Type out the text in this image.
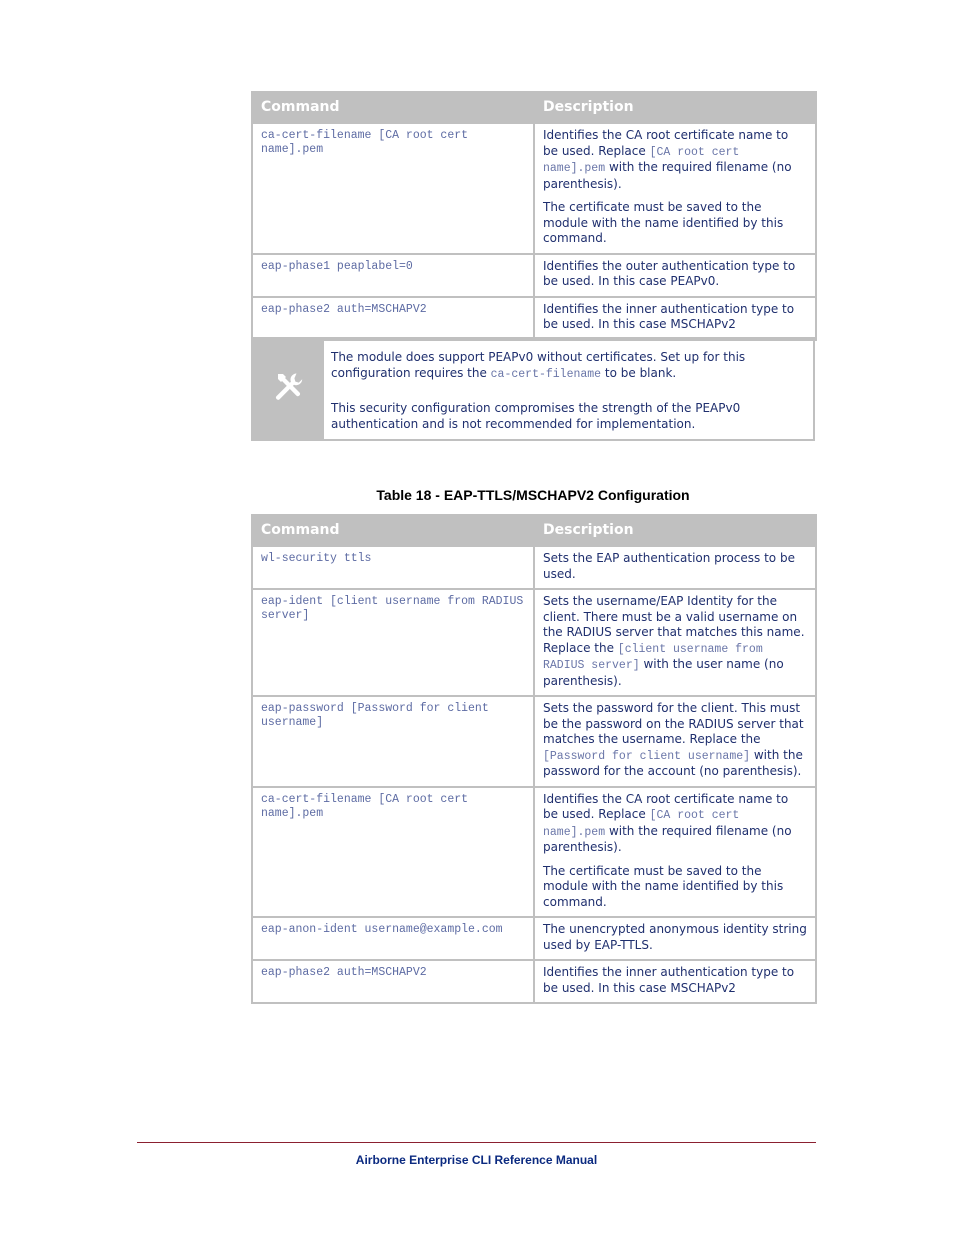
Command	Description
ca-cert-filename [CA root cert name].pem	Identifies the CA root certificate name to be used. Replace [CA root cert name].pem with the required filename (no parenthesis).

The certificate must be saved to the module with the name identified by this command.

eap-phase1 peaplabel=0	Identifies the outer authentication type to be used. In this case PEAPv0.
eap-phase2 auth=MSCHAPV2	Identifies the inner authentication type to be used. In this case MSCHAPv2

The module does support PEAPv0 without certificates. Set up for this configuration requires the ca-cert-filename to be blank.

This security configuration compromises the strength of the PEAPv0 authentication and is not recommended for implementation.

Table 18 - EAP-TTLS/MSCHAPV2 Configuration
Command	Description
wl-security ttls	Sets the EAP authentication process to be used.
eap-ident [client username from RADIUS server]	Sets the username/EAP Identity for the client. There must be a valid username on the RADIUS server that matches this name. Replace the [client username from RADIUS server] with the user name (no parenthesis).
eap-password [Password for client username]	Sets the password for the client. This must be the password on the RADIUS server that matches the username. Replace the [Password for client username] with the password for the account (no parenthesis).
ca-cert-filename [CA root cert name].pem	Identifies the CA root certificate name to be used. Replace [CA root cert name].pem with the required filename (no parenthesis).

The certificate must be saved to the module with the name identified by this command.

eap-anon-ident username@example.com	The unencrypted anonymous identity string used by EAP-TTLS.
eap-phase2 auth=MSCHAPV2	Identifies the inner authentication type to be used. In this case MSCHAPv2
Airborne Enterprise CLI Reference Manual
